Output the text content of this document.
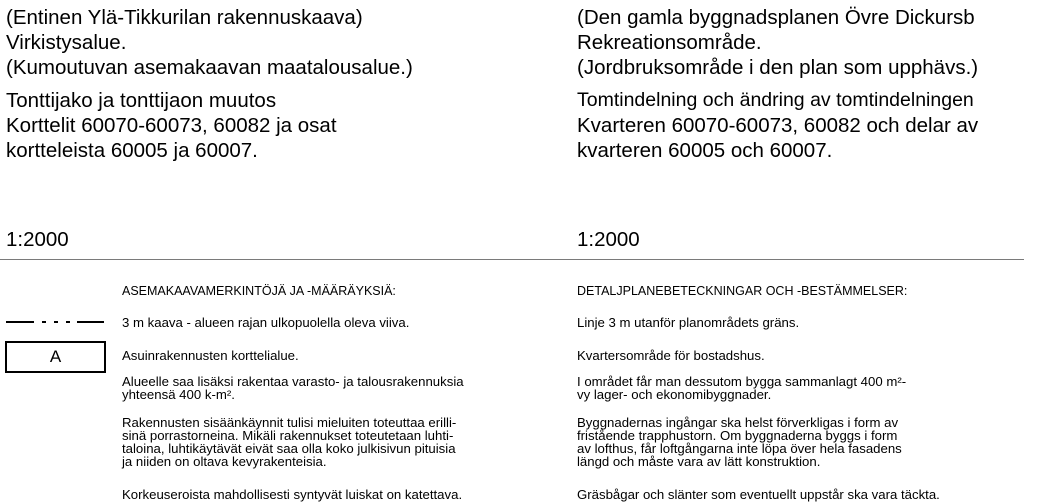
(Entinen Ylä-Tikkurilan rakennuskaava)

Virkistysalue.

(Kumoutuvan asemakaavan maatalousalue.)

Tonttijako ja tonttijaon muutos

Korttelit 60070-60073, 60082 ja osat

kortteleista 60005 ja 60007.

1:2000

(Den gamla byggnadsplanen Övre Dickursb

Rekreationsområde.

(Jordbruksområde i den plan som upphävs.)

Tomtindelning och ändring av tomtindelningen

Kvarteren 60070-60073, 60082 och delar av

kvarteren 60005 och 60007.

1:2000
A
ASEMAKAAVAMERKINTÖJÄ JA -MÄÄRÄYKSIÄ:
3 m kaava - alueen rajan ulkopuolella oleva viiva.
Asuinrakennusten korttelialue.
Alueelle saa lisäksi rakentaa varasto- ja talousrakennuksia
yhteensä 400 k-m².
Rakennusten sisäänkäynnit tulisi mieluiten toteuttaa erilli-
sinä porrastorneina. Mikäli rakennukset toteutetaan luhti-
taloina, luhtikäytävät eivät saa olla koko julkisivun pituisia
ja niiden on oltava kevyrakenteisia.
DETALJPLANEBETECKNINGAR OCH -BESTÄMMELSER:
Linje 3 m utanför planområdets gräns.
Kvartersområde för bostadshus.
I området får man dessutom bygga sammanlagt 400 m²-
vy lager- och ekonomibyggnader.
Byggnadernas ingångar ska helst förverkligas i form av
fristående trapphustorn. Om byggnaderna byggs i form
av lofthus, får loftgångarna inte löpa över hela fasadens
längd och måste vara av lätt konstruktion.
Korkeuseroista mahdollisesti syntyvät luiskat on katettava.	Gräsbågar och slänter som eventuellt uppstår ska vara täckta.
